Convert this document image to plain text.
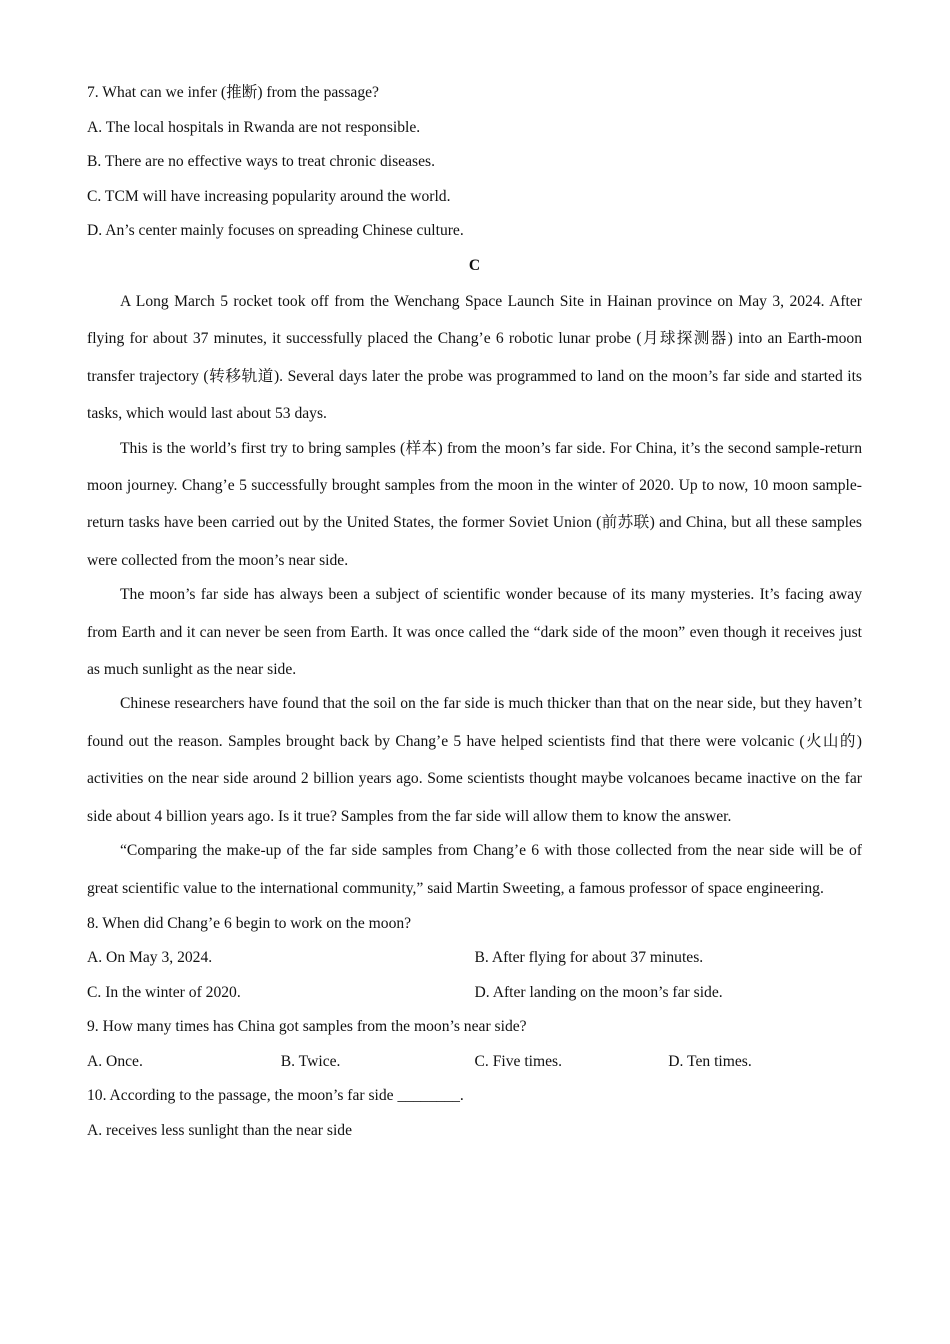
7. What can we infer (推断) from the passage?
A. The local hospitals in Rwanda are not responsible.
B. There are no effective ways to treat chronic diseases.
C. TCM will have increasing popularity around the world.
D. An’s center mainly focuses on spreading Chinese culture.
C
A Long March 5 rocket took off from the Wenchang Space Launch Site in Hainan province on May 3, 2024. After flying for about 37 minutes, it successfully placed the Chang’e 6 robotic lunar probe (月球探测器) into an Earth-moon transfer trajectory (转移轨道). Several days later the probe was programmed to land on the moon’s far side and started its tasks, which would last about 53 days.
This is the world’s first try to bring samples (样本) from the moon’s far side. For China, it’s the second sample-return moon journey. Chang’e 5 successfully brought samples from the moon in the winter of 2020. Up to now, 10 moon sample-return tasks have been carried out by the United States, the former Soviet Union (前苏联) and China, but all these samples were collected from the moon’s near side.
The moon’s far side has always been a subject of scientific wonder because of its many mysteries. It’s facing away from Earth and it can never be seen from Earth. It was once called the “dark side of the moon” even though it receives just as much sunlight as the near side.
Chinese researchers have found that the soil on the far side is much thicker than that on the near side, but they haven’t found out the reason. Samples brought back by Chang’e 5 have helped scientists find that there were volcanic (火山的) activities on the near side around 2 billion years ago. Some scientists thought maybe volcanoes became inactive on the far side about 4 billion years ago. Is it true? Samples from the far side will allow them to know the answer.
“Comparing the make-up of the far side samples from Chang’e 6 with those collected from the near side will be of great scientific value to the international community,” said Martin Sweeting, a famous professor of space engineering.
8. When did Chang’e 6 begin to work on the moon?
A. On May 3, 2024.	B. After flying for about 37 minutes.
C. In the winter of 2020.	D. After landing on the moon’s far side.
9. How many times has China got samples from the moon’s near side?
A. Once.	B. Twice.	C. Five times.	D. Ten times.
10. According to the passage, the moon’s far side ________.
A. receives less sunlight than the near side
